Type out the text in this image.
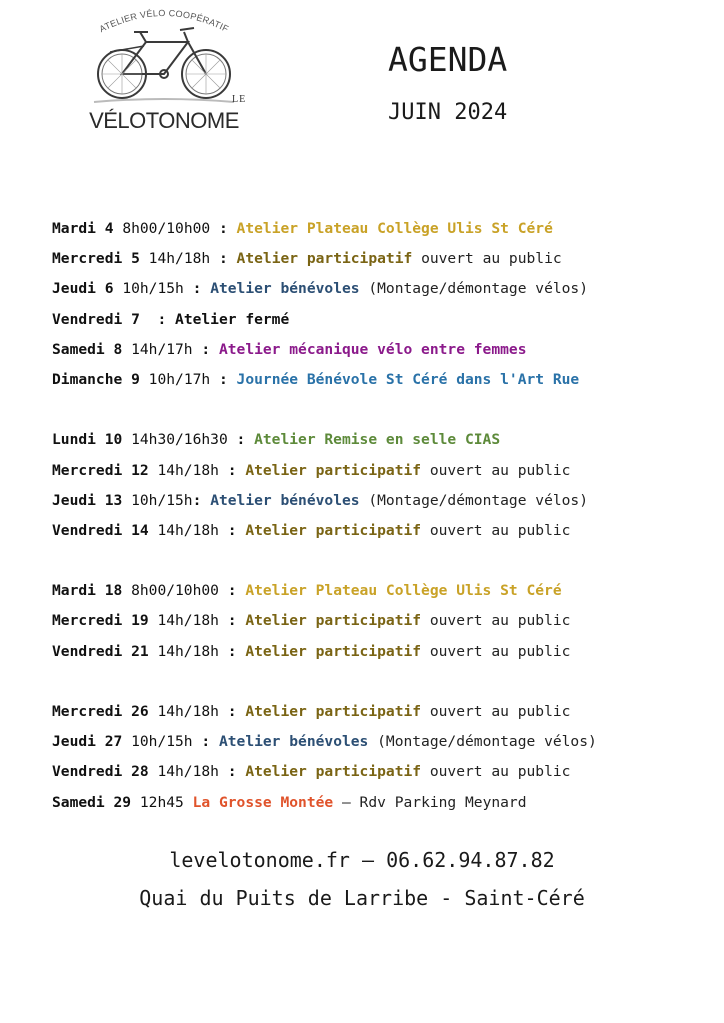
ATELIER VÉLO COOPÉRATIF
LE
VÉLOTONOME
AGENDA
JUIN 2024
Mardi 4 8h00/10h00 : Atelier Plateau Collège Ulis St Céré
Mercredi 5 14h/18h : Atelier participatif ouvert au public
Jeudi 6 10h/15h : Atelier bénévoles (Montage/démontage vélos)
Vendredi 7  : Atelier fermé
Samedi 8 14h/17h : Atelier mécanique vélo entre femmes
Dimanche 9 10h/17h : Journée Bénévole St Céré dans l'Art Rue
Lundi 10 14h30/16h30 : Atelier Remise en selle CIAS
Mercredi 12 14h/18h : Atelier participatif ouvert au public
Jeudi 13 10h/15h: Atelier bénévoles (Montage/démontage vélos)
Vendredi 14 14h/18h : Atelier participatif ouvert au public
Mardi 18 8h00/10h00 : Atelier Plateau Collège Ulis St Céré
Mercredi 19 14h/18h : Atelier participatif ouvert au public
Vendredi 21 14h/18h : Atelier participatif ouvert au public
Mercredi 26 14h/18h : Atelier participatif ouvert au public
Jeudi 27 10h/15h : Atelier bénévoles (Montage/démontage vélos)
Vendredi 28 14h/18h : Atelier participatif ouvert au public
Samedi 29 12h45 La Grosse Montée – Rdv Parking Meynard
levelotonome.fr – 06.62.94.87.82
Quai du Puits de Larribe - Saint-Céré
